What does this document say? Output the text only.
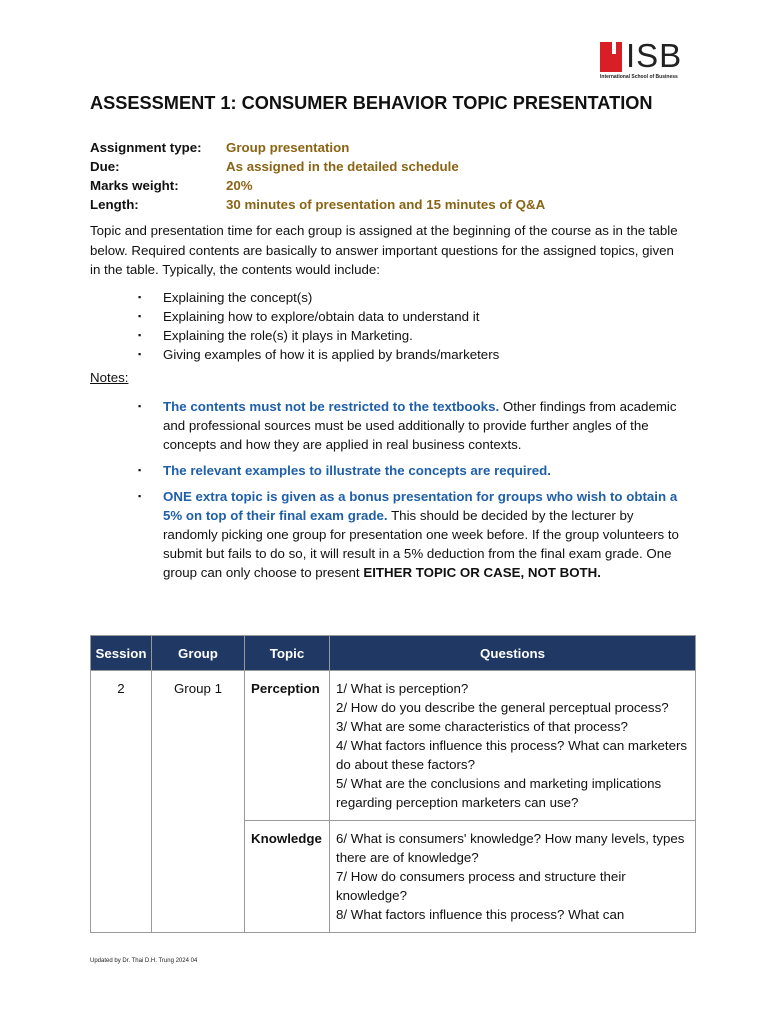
ISB
International School of Business
ASSESSMENT 1: CONSUMER BEHAVIOR TOPIC PRESENTATION
Assignment type:	Group presentation
Due:	As assigned in the detailed schedule
Marks weight:	20%
Length:	30 minutes of presentation and 15 minutes of Q&A

Topic and presentation time for each group is assigned at the beginning of the course as in the table below. Required contents are basically to answer important questions for the assigned topics, given in the table. Typically, the contents would include:

▪ Explaining the concept(s)
▪ Explaining how to explore/obtain data to understand it
▪ Explaining the role(s) it plays in Marketing.
▪ Giving examples of how it is applied by brands/marketers
Notes:
▪ The contents must not be restricted to the textbooks. Other findings from academic and professional sources must be used additionally to provide further angles of the concepts and how they are applied in real business contexts.
▪ The relevant examples to illustrate the concepts are required.
▪ ONE extra topic is given as a bonus presentation for groups who wish to obtain a 5% on top of their final exam grade. This should be decided by the lecturer by randomly picking one group for presentation one week before. If the group volunteers to submit but fails to do so, it will result in a 5% deduction from the final exam grade. One group can only choose to present EITHER TOPIC OR CASE, NOT BOTH.
Session	Group	Topic	Questions
2	Group 1	Perception	1/ What is perception?
2/ How do you describe the general perceptual process?
3/ What are some characteristics of that process?
4/ What factors influence this process? What can marketers do about these factors?
5/ What are the conclusions and marketing implications regarding perception marketers can use?

		Knowledge	6/ What is consumers' knowledge? How many levels, types there are of knowledge?
7/ How do consumers process and structure their knowledge?
8/ What factors influence this process? What can
Updated by Dr. Thai D.H. Trung 2024 04
